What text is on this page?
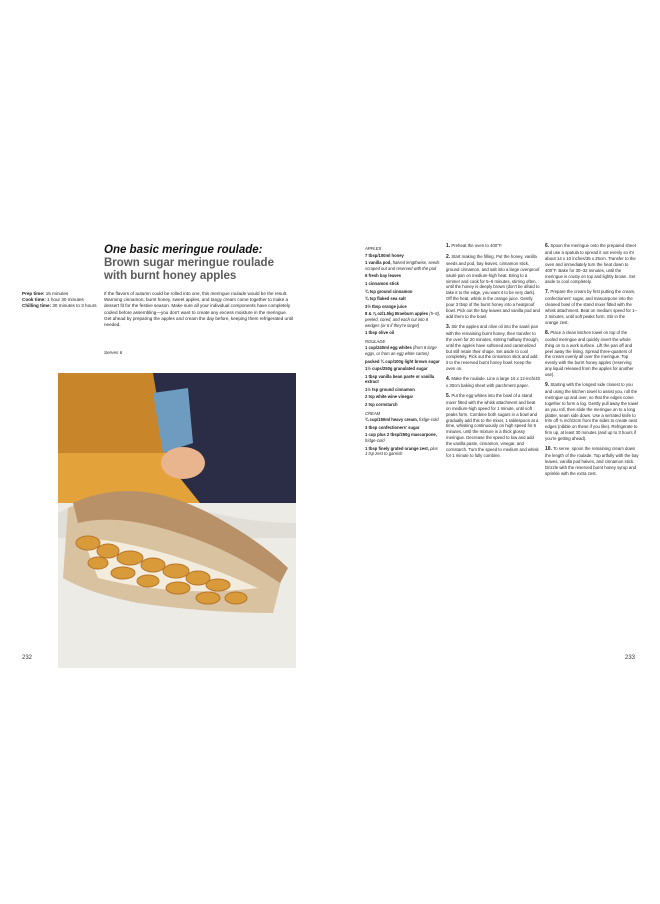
One basic meringue roulade:
Brown sugar meringue roulade
with burnt honey apples
Prep time: 15 minutes
Cook time: 1 hour 30 minutes
Chilling time: 30 minutes to 3 hours
If the flavors of autumn could be rolled into one, this meringue roulade would be the result. Warming cinnamon, burnt honey, sweet apples, and tangy cream come together to make a dessert fit for the festive season. Make sure all your individual components have completely cooled before assembling—you don't want to create any excess moisture in the meringue. Get ahead by preparing the apples and cream the day before, keeping them refrigerated until needed.
Serves 6
232	233
APPLES
7 tbsp/100ml honey
1 vanilla pod, halved lengthwise, seeds scraped out and reserved with the pod
6 fresh bay leaves
1 cinnamon stick
¾ tsp ground cinnamon
¾ tsp flaked sea salt
3½ tbsp orange juice
8 & ⅞ oz/1.5kg Braeburn apples (5–8), peeled, cored, and each cut into 8 wedges (or 6 if they're larger)
1 tbsp olive oil
ROULADE
1 cup/240ml egg whites (from 8 large eggs, or from an egg white carton)
packed ¾ cup/100g light brown sugar
1½ cups/250g granulated sugar
1 tbsp vanilla bean paste or vanilla extract
1½ tsp ground cinnamon
2 tsp white wine vinegar
2 tsp cornstarch
CREAM
¾ cup/150ml heavy cream, fridge-cold
3 tbsp confectioners' sugar
1 cup plus 2 tbsp/250g mascarpone, fridge-cold
1 tbsp finely grated orange zest, plus 1 tsp zest to garnish
1. Preheat the oven to 400°F.
2. Start making the filling. Put the honey, vanilla seeds and pod, bay leaves, cinnamon stick, ground cinnamon, and salt into a large ovenproof sauté pan on medium-high heat. Bring to a simmer and cook for 5–6 minutes, stirring often, until the honey is deeply brown (don't be afraid to take it to the edge, you want it to be very dark). Off the heat, whisk in the orange juice. Gently pour 3 tbsp of the burnt honey into a heatproof bowl. Pick out the bay leaves and vanilla pod and add them to the bowl.
3. Stir the apples and olive oil into the sauté pan with the remaining burnt honey, then transfer to the oven for 20 minutes, stirring halfway through, until the apples have softened and caramelized but still retain their shape. Set aside to cool completely. Pick out the cinnamon stick and add it to the reserved burnt honey bowl. Keep the oven on.
4. Make the roulade. Line a large 16 x 12-inch/40 x 30cm baking sheet with parchment paper.
5. Put the egg whites into the bowl of a stand mixer fitted with the whisk attachment and beat on medium-high speed for 1 minute, until soft peaks form. Combine both sugars in a bowl and gradually add this to the mixer, 1 tablespoon at a time, whisking continuously on high speed for 6 minutes, until the mixture is a thick glossy meringue. Decrease the speed to low and add the vanilla paste, cinnamon, vinegar, and cornstarch. Turn the speed to medium and whisk for 1 minute to fully combine.
6. Spoon the meringue onto the prepared sheet and use a spatula to spread it out evenly so it's about 14 x 10 inches/35 x 25cm. Transfer to the oven and immediately turn the heat down to 400°F. Bake for 30–32 minutes, until the meringue is crusty on top and lightly brown. Set aside to cool completely.
7. Prepare the cream by first putting the cream, confectioners' sugar, and mascarpone into the cleaned bowl of the stand mixer fitted with the whisk attachment. Beat on medium speed for 1–2 minutes, until soft peaks form. Stir in the orange zest.
8. Place a clean kitchen towel on top of the cooled meringue and quickly invert the whole thing on to a work surface. Lift the pan off and peel away the lining. Spread three-quarters of the cream evenly all over the meringue. Top evenly with the burnt honey apples (reserving any liquid released from the apples for another use).
9. Starting with the longest side closest to you and using the kitchen towel to assist you, roll the meringue up and over, so that the edges come together to form a log. Gently pull away the towel as you roll, then slide the meringue on to a long platter, seam side down. Use a serrated knife to trim off ¾ inch/2cm from the sides to create neat edges (nibble on these if you like). Refrigerate to firm up, at least 30 minutes (and up to 3 hours if you're getting ahead).
10. To serve, spoon the remaining cream down the length of the roulade. Top artfully with the bay leaves, vanilla pod halves, and cinnamon stick. Drizzle with the reserved burnt honey syrup and sprinkle with the extra zest.
